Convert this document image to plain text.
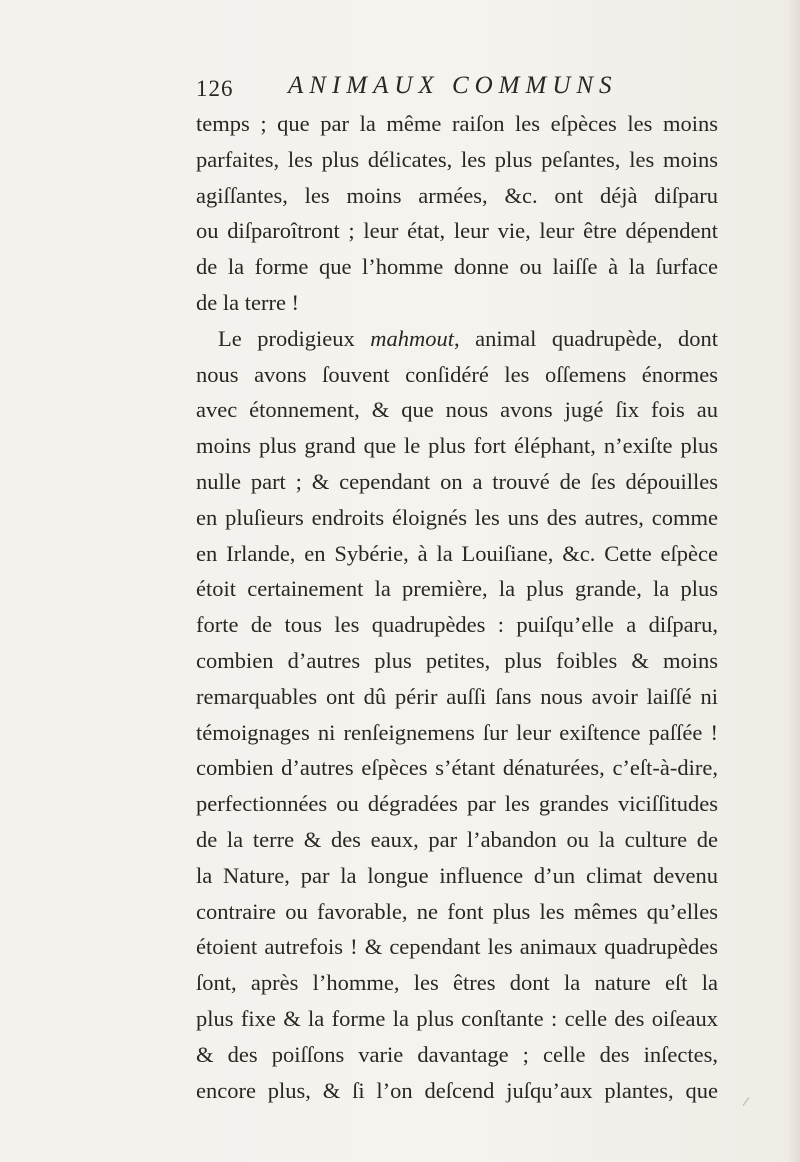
126 ANIMAUX COMMUNS
temps ; que par la même raiſon les eſpèces les moins
parfaites, les plus délicates, les plus peſantes, les moins
agiſſantes, les moins armées, &c. ont déjà diſparu
ou diſparoîtront ; leur état, leur vie, leur être dépendent
de la forme que l’homme donne ou laiſſe à la ſurface
de la terre !
Le prodigieux mahmout, animal quadrupède, dont
nous avons ſouvent conſidéré les oſſemens énormes
avec étonnement, & que nous avons jugé ſix fois au
moins plus grand que le plus fort éléphant, n’exiſte plus
nulle part ; & cependant on a trouvé de ſes dépouilles
en pluſieurs endroits éloignés les uns des autres, comme
en Irlande, en Sybérie, à la Louiſiane, &c. Cette eſpèce
étoit certainement la première, la plus grande, la plus
forte de tous les quadrupèdes : puiſqu’elle a diſparu,
combien d’autres plus petites, plus foibles & moins
remarquables ont dû périr auſſi ſans nous avoir laiſſé ni
témoignages ni renſeignemens ſur leur exiſtence paſſée !
combien d’autres eſpèces s’étant dénaturées, c’eſt-à-dire,
perfectionnées ou dégradées par les grandes viciſſitudes
de la terre & des eaux, par l’abandon ou la culture de
la Nature, par la longue influence d’un climat devenu
contraire ou favorable, ne font plus les mêmes qu’elles
étoient autrefois ! & cependant les animaux quadrupèdes
ſont, après l’homme, les êtres dont la nature eſt la
plus fixe & la forme la plus conſtante : celle des oiſeaux
& des poiſſons varie davantage ; celle des inſectes,
encore plus, & ſi l’on deſcend juſqu’aux plantes, que
